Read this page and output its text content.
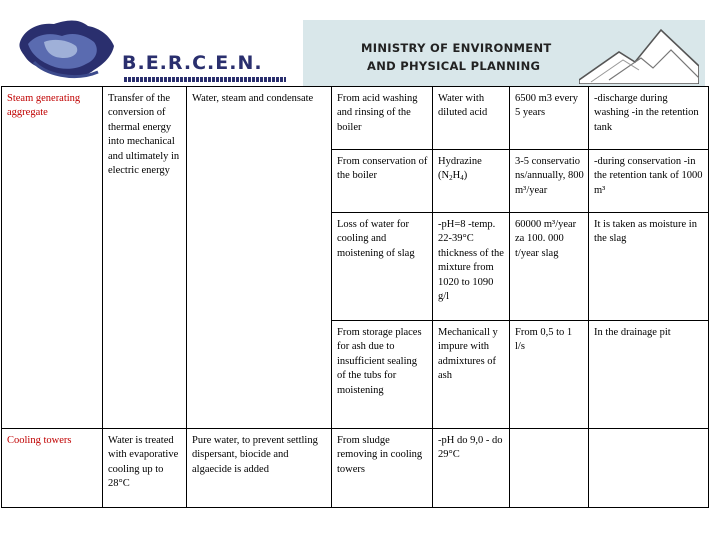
B.E.R.C.E.N.
MINISTRY OF ENVIRONMENT
AND PHYSICAL PLANNING
Steam generating aggregate	Transfer of the conversion of thermal energy into mechanical and ultimately in electric energy	Water, steam and condensate	From acid washing and rinsing of the boiler	Water with diluted acid	6500 m3 every 5 years	-discharge during washing -in the retention tank
			From conservation of the boiler	Hydrazine $(N_2H_4)$	3-5 conservatio ns/annually, 800 m³/year	-during conservation -in the retention tank of 1000 m³
			Loss of water for cooling and moistening of slag	-pH=8 -temp. 22-39°C thickness of the mixture from 1020 to 1090 g/l	60000 m³/year za 100. 000 t/year slag	It is taken as moisture in the slag
			From storage places for ash due to insufficient sealing of the tubs for moistening	Mechanicall y impure with admixtures of ash	From 0,5 to 1 l/s	In the drainage pit
Cooling towers	Water is treated with evaporative cooling up to 28°C	Pure water, to prevent settling dispersant, biocide and algaecide is added	From sludge removing in cooling towers	-pH do 9,0 - do 29°C		
